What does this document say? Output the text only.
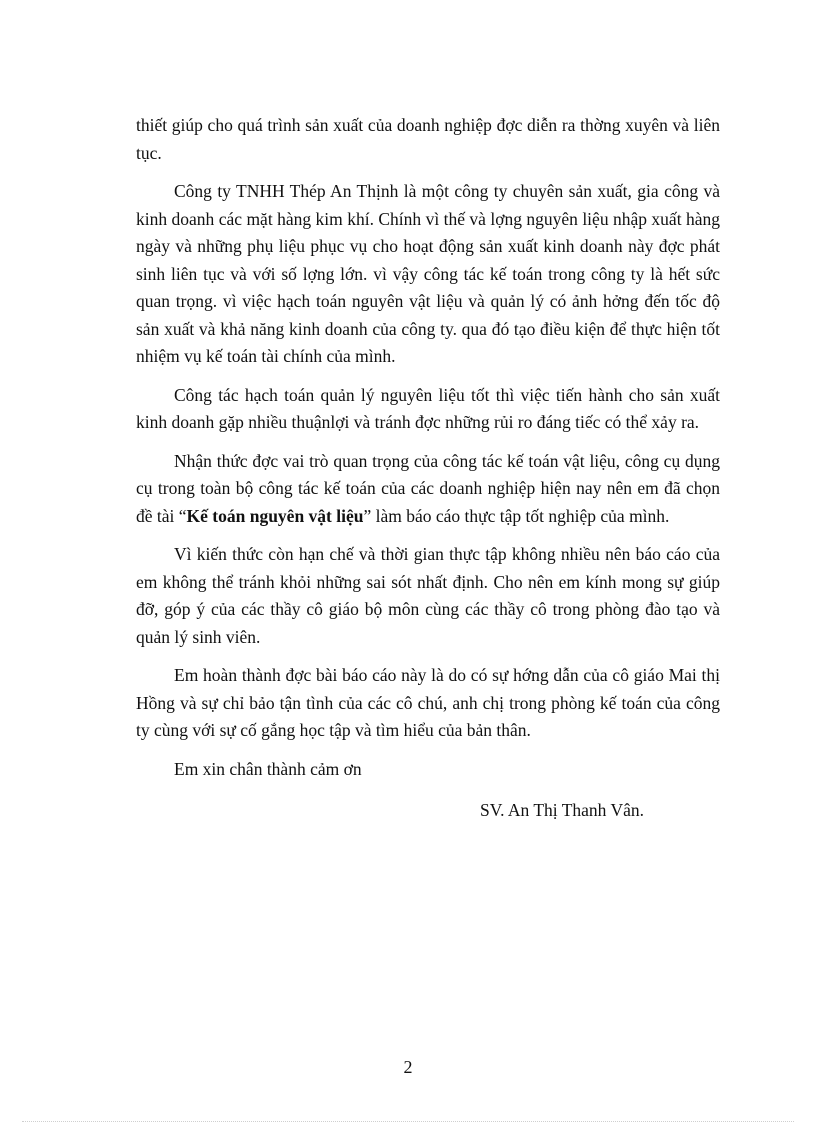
thiết giúp cho quá trình sản xuất của doanh nghiệp đợc diễn ra thờng xuyên và liên tục.

Công ty TNHH Thép An Thịnh là một công ty chuyên sản xuất, gia công và kinh doanh các mặt hàng kim khí. Chính vì thế và lợng nguyên liệu nhập xuất hàng ngày và những phụ liệu phục vụ cho hoạt động sản xuất kinh doanh này đợc phát sinh liên tục và với số lợng lớn. vì vậy công tác kế toán trong công ty là hết sức quan trọng. vì việc hạch toán nguyên vật liệu và quản lý có ảnh hởng đến tốc độ sản xuất và khả năng kinh doanh của công ty. qua đó tạo điều kiện để thực hiện tốt nhiệm vụ kế toán tài chính của mình.

Công tác hạch toán quản lý nguyên liệu tốt thì việc tiến hành cho sản xuất kinh doanh gặp nhiều thuậnlợi và tránh đợc những rủi ro đáng tiếc có thể xảy ra.

Nhận thức đợc vai trò quan trọng của công tác kế toán vật liệu, công cụ dụng cụ trong toàn bộ công tác kế toán của các doanh nghiệp hiện nay nên em đã chọn đề tài “Kế toán nguyên vật liệu” làm báo cáo thực tập tốt nghiệp của mình.

Vì kiến thức còn hạn chế và thời gian thực tập không nhiều nên báo cáo của em không thể tránh khỏi những sai sót nhất định. Cho nên em kính mong sự giúp đỡ, góp ý của các thầy cô giáo bộ môn cùng các thầy cô trong phòng đào tạo và quản lý sinh viên.

Em hoàn thành đợc bài báo cáo này là do có sự hớng dẫn của cô giáo Mai thị Hồng và sự chỉ bảo tận tình của các cô chú, anh chị trong phòng kế toán của công ty cùng với sự cố gắng học tập và tìm hiểu của bản thân.

Em xin chân thành cảm ơn

SV. An Thị Thanh Vân.

2
